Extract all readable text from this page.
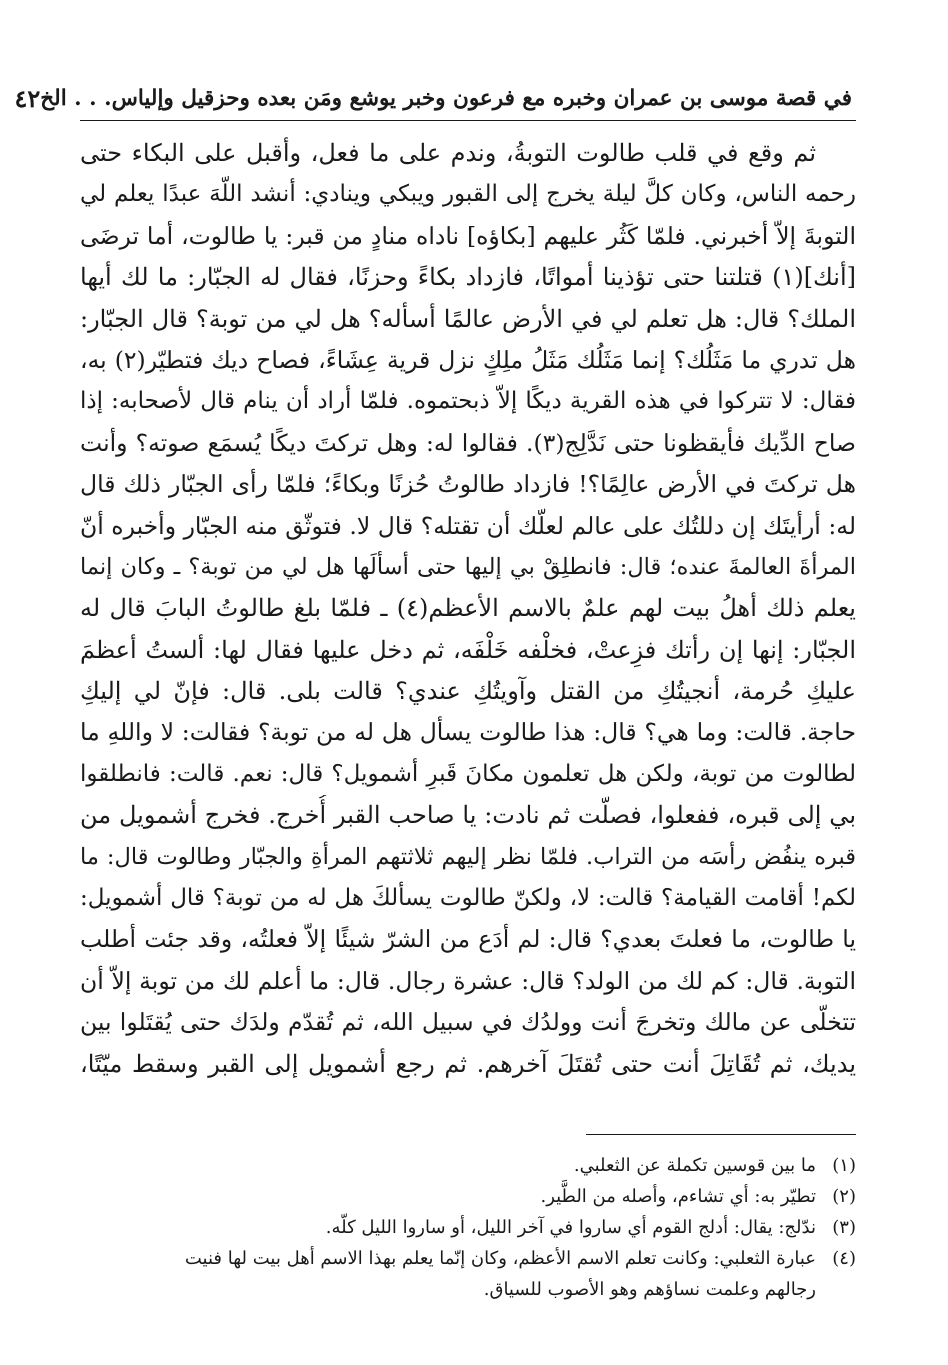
في قصة موسى بن عمران وخبره مع فرعون وخبر يوشع ومَن بعده وحزقيل وإلياس. . . الخ
٤٢
ثم وقع في قلب طالوت التوبةُ، وندم على ما فعل، وأقبل على البكاء حتى
رحمه الناس، وكان كلَّ ليلة يخرج إلى القبور ويبكي وينادي: أنشد اللّهَ عبدًا يعلم لي
التوبةَ إلاّ أخبرني. فلمّا كَثُر عليهم [بكاؤه] ناداه منادٍ من قبر: يا طالوت، أما ترضَى
[أنك](١) قتلتنا حتى تؤذينا أمواتًا، فازداد بكاءً وحزنًا، فقال له الجبّار: ما لك أيها
الملك؟ قال: هل تعلم لي في الأرض عالمًا أسأله؟ هل لي من توبة؟ قال الجبّار:
هل تدري ما مَثَلُك؟ إنما مَثَلُك مَثَلُ ملِكٍ نزل قرية عِشَاءً، فصاح ديك فتطيّر(٢) به،
فقال: لا تتركوا في هذه القرية ديكًا إلاّ ذبحتموه. فلمّا أراد أن ينام قال لأصحابه: إذا
صاح الدِّيك فأيقظونا حتى نَدَّلِج(٣). فقالوا له: وهل تركتَ ديكًا يُسمَع صوته؟ وأنت
هل تركتَ في الأرض عالِمًا؟! فازداد طالوتُ حُزنًا وبكاءً؛ فلمّا رأى الجبّار ذلك قال
له: أرأيتَك إن دللتُك على عالم لعلّك أن تقتله؟ قال لا. فتوثّق منه الجبّار وأخبره أنّ
المرأةَ العالمةَ عنده؛ قال: فانطلِقْ بي إليها حتى أسألَها هل لي من توبة؟ ـ وكان إنما
يعلم ذلك أهلُ بيت لهم علمٌ بالاسم الأعظم(٤) ـ فلمّا بلغ طالوتُ البابَ قال له
الجبّار: إنها إن رأتك فزِعتْ، فخلْفه خَلْفَه، ثم دخل عليها فقال لها: ألستُ أعظمَ
عليكِ حُرمة، أنجيتُكِ من القتل وآويتُكِ عندي؟ قالت بلى. قال: فإنّ لي إليكِ
حاجة. قالت: وما هي؟ قال: هذا طالوت يسأل هل له من توبة؟ فقالت: لا واللهِ ما
لطالوت من توبة، ولكن هل تعلمون مكانَ قَبرِ أشمويل؟ قال: نعم. قالت: فانطلقوا
بي إلى قبره، ففعلوا، فصلّت ثم نادت: يا صاحب القبر أُخرج. فخرج أشمويل من
قبره ينفُض رأسَه من التراب. فلمّا نظر إليهم ثلاثتهم المرأةِ والجبّار وطالوت قال: ما
لكم! أقامت القيامة؟ قالت: لا، ولكنّ طالوت يسألكَ هل له من توبة؟ قال أشمويل:
يا طالوت، ما فعلتَ بعدي؟ قال: لم أدَع من الشرّ شيئًا إلاّ فعلتُه، وقد جئت أطلب
التوبة. قال: كم لك من الولد؟ قال: عشرة رجال. قال: ما أعلم لك من توبة إلاّ أن
تتخلّى عن مالك وتخرجَ أنت وولدُك في سبيل الله، ثم تُقدّم ولدَك حتى يُقتَلوا بين
يديك، ثم تُقَاتِلَ أنت حتى تُقتَلَ آخرهم. ثم رجع أشمويل إلى القبر وسقط ميّتًا،
(١)
ما بين قوسين تكملة عن الثعلبي.
(٢)
تطيّر به: أي تشاءم، وأصله من الطَّير.
(٣)
ندّلج: يقال: أدلج القوم أي ساروا في آخر الليل، أو ساروا الليل كلّه.
(٤)
عبارة الثعلبي: وكانت تعلم الاسم الأعظم، وكان إنّما يعلم بهذا الاسم أهل بيت لها فنيت
رجالهم وعلمت نساؤهم وهو الأصوب للسياق.
